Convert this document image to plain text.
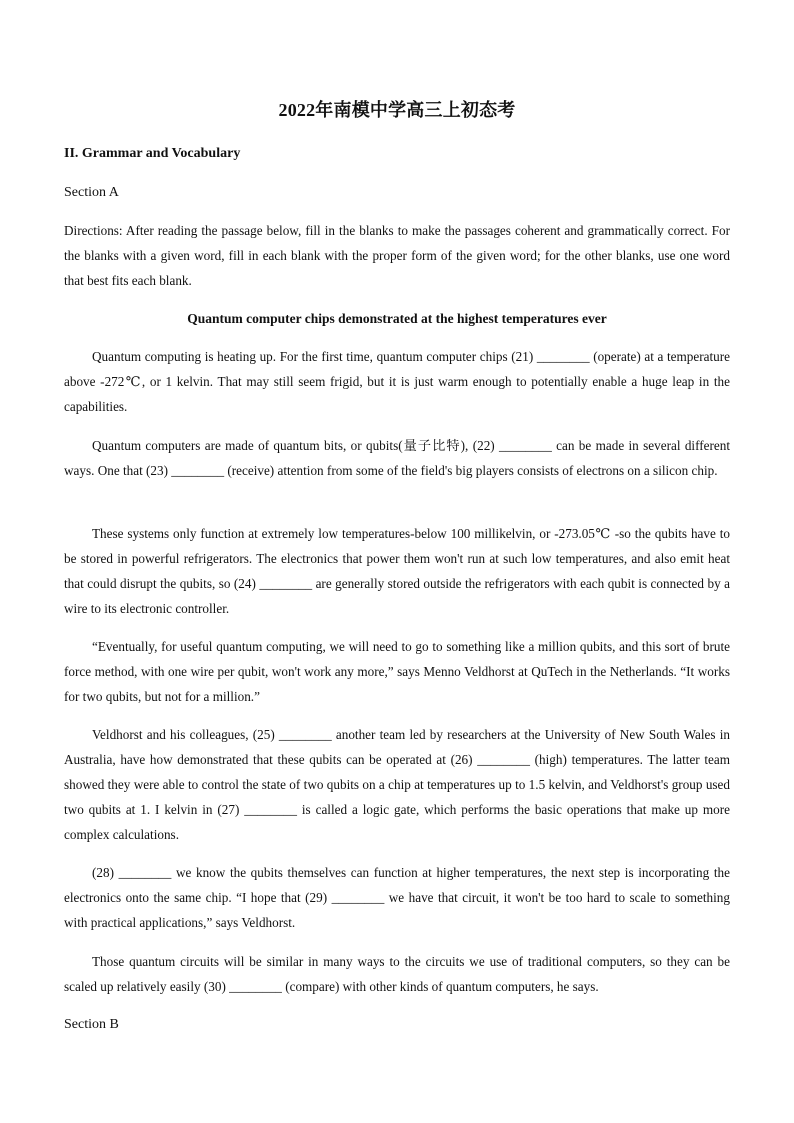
2022年南模中学高三上初态考
II. Grammar and Vocabulary
Section A

Directions: After reading the passage below, fill in the blanks to make the passages coherent and grammatically correct. For the blanks with a given word, fill in each blank with the proper form of the given word; for the other blanks, use one word that best fits each blank.

Quantum computer chips demonstrated at the highest temperatures ever

Quantum computing is heating up. For the first time, quantum computer chips (21) ________ (operate) at a temperature above -272℃, or 1 kelvin. That may still seem frigid, but it is just warm enough to potentially enable a huge leap in the capabilities.

Quantum computers are made of quantum bits, or qubits(量子比特), (22) ________ can be made in several different ways. One that (23) ________ (receive) attention from some of the field's big players consists of electrons on a silicon chip.

These systems only function at extremely low temperatures-below 100 millikelvin, or -273.05℃ -so the qubits have to be stored in powerful refrigerators. The electronics that power them won't run at such low temperatures, and also emit heat that could disrupt the qubits, so (24) ________ are generally stored outside the refrigerators with each qubit is connected by a wire to its electronic controller.

“Eventually, for useful quantum computing, we will need to go to something like a million qubits, and this sort of brute force method, with one wire per qubit, won't work any more,” says Menno Veldhorst at QuTech in the Netherlands. “It works for two qubits, but not for a million.”

Veldhorst and his colleagues, (25) ________ another team led by researchers at the University of New South Wales in Australia, have how demonstrated that these qubits can be operated at (26) ________ (high) temperatures. The latter team showed they were able to control the state of two qubits on a chip at temperatures up to 1.5 kelvin, and Veldhorst's group used two qubits at 1. I kelvin in (27) ________ is called a logic gate, which performs the basic operations that make up more complex calculations.

(28) ________ we know the qubits themselves can function at higher temperatures, the next step is incorporating the electronics onto the same chip. “I hope that (29) ________ we have that circuit, it won't be too hard to scale to something with practical applications,” says Veldhorst.

Those quantum circuits will be similar in many ways to the circuits we use of traditional computers, so they can be scaled up relatively easily (30) ________ (compare) with other kinds of quantum computers, he says.

Section B
